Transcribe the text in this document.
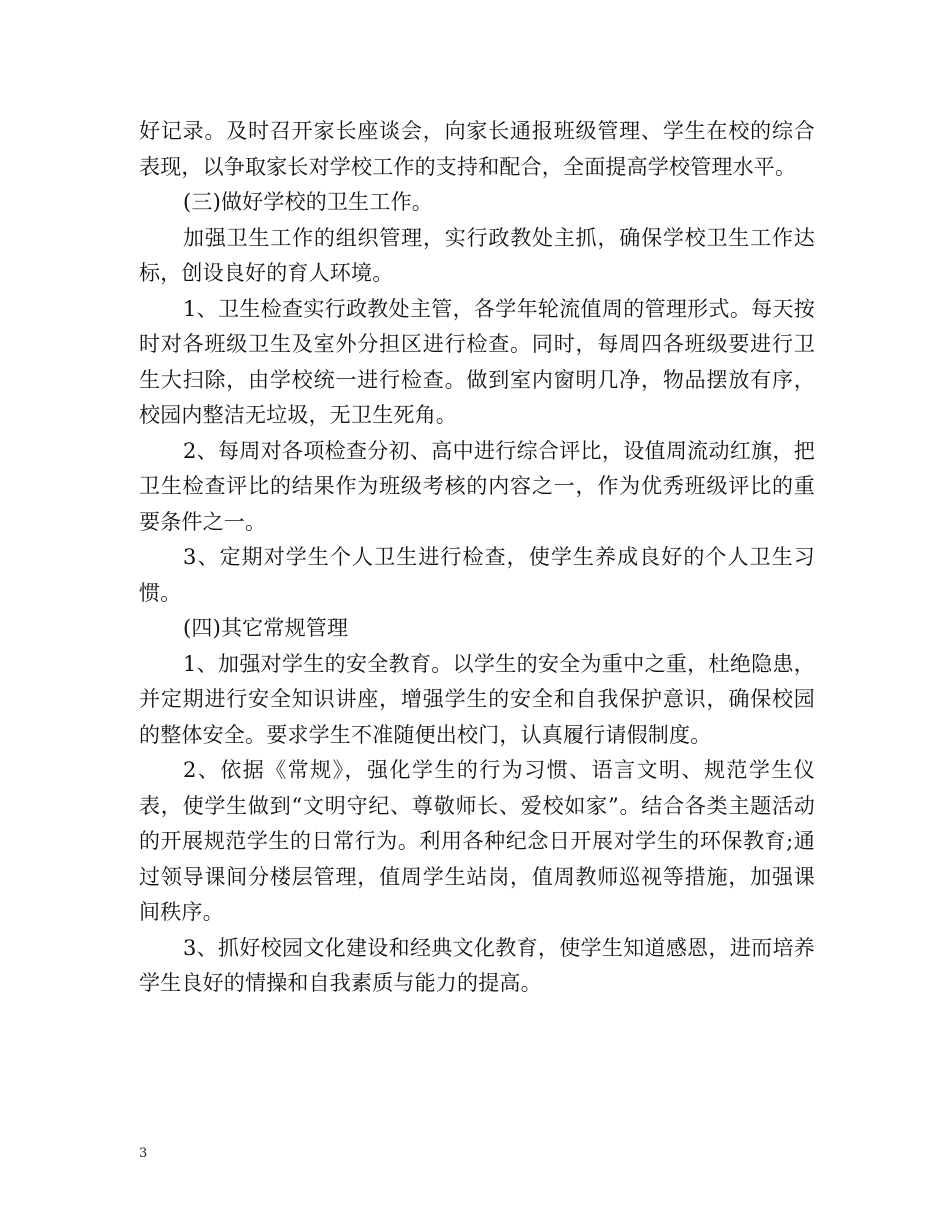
好记录。及时召开家长座谈会，向家长通报班级管理、学生在校的综合表现，以争取家长对学校工作的支持和配合，全面提高学校管理水平。

(三)做好学校的卫生工作。

加强卫生工作的组织管理，实行政教处主抓，确保学校卫生工作达标，创设良好的育人环境。

1、卫生检查实行政教处主管，各学年轮流值周的管理形式。每天按时对各班级卫生及室外分担区进行检查。同时，每周四各班级要进行卫生大扫除，由学校统一进行检查。做到室内窗明几净，物品摆放有序，校园内整洁无垃圾，无卫生死角。

2、每周对各项检查分初、高中进行综合评比，设值周流动红旗，把卫生检查评比的结果作为班级考核的内容之一，作为优秀班级评比的重要条件之一。

3、定期对学生个人卫生进行检查，使学生养成良好的个人卫生习惯。

(四)其它常规管理

1、加强对学生的安全教育。以学生的安全为重中之重，杜绝隐患，并定期进行安全知识讲座，增强学生的安全和自我保护意识，确保校园的整体安全。要求学生不准随便出校门，认真履行请假制度。

2、依据《常规》，强化学生的行为习惯、语言文明、规范学生仪表，使学生做到“文明守纪、尊敬师长、爱校如家”。结合各类主题活动的开展规范学生的日常行为。利用各种纪念日开展对学生的环保教育;通过领导课间分楼层管理，值周学生站岗，值周教师巡视等措施，加强课间秩序。

3、抓好校园文化建设和经典文化教育，使学生知道感恩，进而培养学生良好的情操和自我素质与能力的提高。

3
